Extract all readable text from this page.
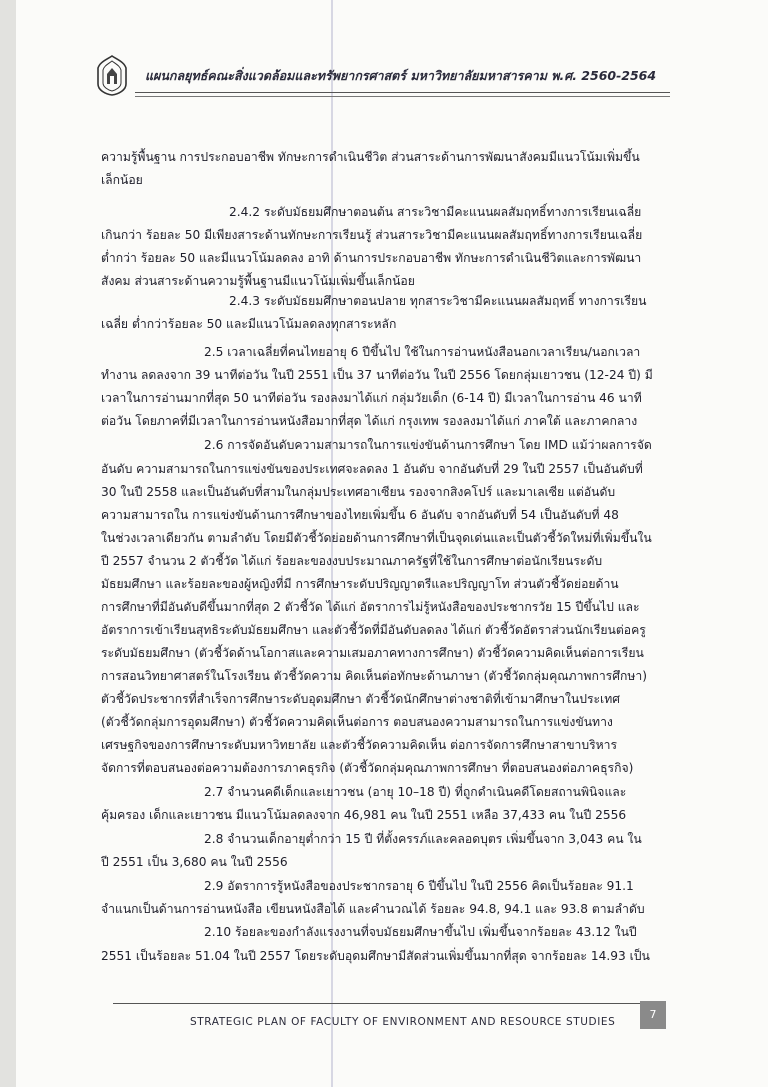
แผนกลยุทธ์คณะสิ่งแวดล้อมและทรัพยากรศาสตร์ มหาวิทยาลัยมหาสารคาม พ.ศ. 2560-2564
ความรู้พื้นฐาน การประกอบอาชีพ ทักษะการดำเนินชีวิต ส่วนสาระด้านการพัฒนาสังคมมีแนวโน้มเพิ่มขึ้น
เล็กน้อย
2.4.2 ระดับมัธยมศึกษาตอนต้น สาระวิชามีคะแนนผลสัมฤทธิ์ทางการเรียนเฉลี่ย
เกินกว่า ร้อยละ 50 มีเพียงสาระด้านทักษะการเรียนรู้ ส่วนสาระวิชามีคะแนนผลสัมฤทธิ์ทางการเรียนเฉลี่ย
ต่ำกว่า ร้อยละ 50 และมีแนวโน้มลดลง อาทิ ด้านการประกอบอาชีพ ทักษะการดำเนินชีวิตและการพัฒนา
สังคม ส่วนสาระด้านความรู้พื้นฐานมีแนวโน้มเพิ่มขึ้นเล็กน้อย
2.4.3 ระดับมัธยมศึกษาตอนปลาย ทุกสาระวิชามีคะแนนผลสัมฤทธิ์ ทางการเรียน
เฉลี่ย ต่ำกว่าร้อยละ 50 และมีแนวโน้มลดลงทุกสาระหลัก
2.5 เวลาเฉลี่ยที่คนไทยอายุ 6 ปีขึ้นไป ใช้ในการอ่านหนังสือนอกเวลาเรียน/นอกเวลา
ทำงาน ลดลงจาก 39 นาทีต่อวัน ในปี 2551 เป็น 37 นาทีต่อวัน ในปี 2556 โดยกลุ่มเยาวชน (12-24 ปี) มี
เวลาในการอ่านมากที่สุด 50 นาทีต่อวัน รองลงมาได้แก่ กลุ่มวัยเด็ก (6-14 ปี) มีเวลาในการอ่าน 46 นาที
ต่อวัน โดยภาคที่มีเวลาในการอ่านหนังสือมากที่สุด ได้แก่ กรุงเทพ รองลงมาได้แก่ ภาคใต้ และภาคกลาง
2.6 การจัดอันดับความสามารถในการแข่งขันด้านการศึกษา โดย IMD แม้ว่าผลการจัด
อันดับ ความสามารถในการแข่งขันของประเทศจะลดลง 1 อันดับ จากอันดับที่ 29 ในปี 2557 เป็นอันดับที่
30 ในปี 2558 และเป็นอันดับที่สามในกลุ่มประเทศอาเซียน รองจากสิงคโปร์ และมาเลเซีย แต่อันดับ
ความสามารถใน การแข่งขันด้านการศึกษาของไทยเพิ่มขึ้น 6 อันดับ จากอันดับที่ 54 เป็นอันดับที่ 48
ในช่วงเวลาเดียวกัน ตามลำดับ โดยมีตัวชี้วัดย่อยด้านการศึกษาที่เป็นจุดเด่นและเป็นตัวชี้วัดใหม่ที่เพิ่มขึ้นใน
ปี 2557 จำนวน 2 ตัวชี้วัด ได้แก่ ร้อยละของงบประมาณภาครัฐที่ใช้ในการศึกษาต่อนักเรียนระดับ
มัธยมศึกษา และร้อยละของผู้หญิงที่มี การศึกษาระดับปริญญาตรีและปริญญาโท ส่วนตัวชี้วัดย่อยด้าน
การศึกษาที่มีอันดับดีขึ้นมากที่สุด 2 ตัวชี้วัด ได้แก่ อัตราการไม่รู้หนังสือของประชากรวัย 15 ปีขึ้นไป และ
อัตราการเข้าเรียนสุทธิระดับมัธยมศึกษา และตัวชี้วัดที่มีอันดับลดลง ได้แก่ ตัวชี้วัดอัตราส่วนนักเรียนต่อครู
ระดับมัธยมศึกษา (ตัวชี้วัดด้านโอกาสและความเสมอภาคทางการศึกษา) ตัวชี้วัดความคิดเห็นต่อการเรียน
การสอนวิทยาศาสตร์ในโรงเรียน ตัวชี้วัดความ คิดเห็นต่อทักษะด้านภาษา (ตัวชี้วัดกลุ่มคุณภาพการศึกษา)
ตัวชี้วัดประชากรที่สำเร็จการศึกษาระดับอุดมศึกษา ตัวชี้วัดนักศึกษาต่างชาติที่เข้ามาศึกษาในประเทศ
(ตัวชี้วัดกลุ่มการอุดมศึกษา) ตัวชี้วัดความคิดเห็นต่อการ ตอบสนองความสามารถในการแข่งขันทาง
เศรษฐกิจของการศึกษาระดับมหาวิทยาลัย และตัวชี้วัดความคิดเห็น ต่อการจัดการศึกษาสาขาบริหาร
จัดการที่ตอบสนองต่อความต้องการภาคธุรกิจ (ตัวชี้วัดกลุ่มคุณภาพการศึกษา ที่ตอบสนองต่อภาคธุรกิจ)
2.7 จำนวนคดีเด็กและเยาวชน (อายุ 10–18 ปี) ที่ถูกดำเนินคดีโดยสถานพินิจและ
คุ้มครอง เด็กและเยาวชน มีแนวโน้มลดลงจาก 46,981 คน ในปี 2551 เหลือ 37,433 คน ในปี 2556
2.8 จำนวนเด็กอายุต่ำกว่า 15 ปี ที่ตั้งครรภ์และคลอดบุตร เพิ่มขึ้นจาก 3,043 คน ใน
ปี 2551 เป็น 3,680 คน ในปี 2556
2.9 อัตราการรู้หนังสือของประชากรอายุ 6 ปีขึ้นไป ในปี 2556 คิดเป็นร้อยละ 91.1
จำแนกเป็นด้านการอ่านหนังสือ เขียนหนังสือได้ และคำนวณได้ ร้อยละ 94.8, 94.1 และ 93.8 ตามลำดับ
2.10 ร้อยละของกำลังแรงงานที่จบมัธยมศึกษาขึ้นไป เพิ่มขึ้นจากร้อยละ 43.12 ในปี
2551 เป็นร้อยละ 51.04 ในปี 2557 โดยระดับอุดมศึกษามีสัดส่วนเพิ่มขึ้นมากที่สุด จากร้อยละ 14.93 เป็น
STRATEGIC PLAN OF FACULTY OF ENVIRONMENT AND RESOURCE STUDIES
7
